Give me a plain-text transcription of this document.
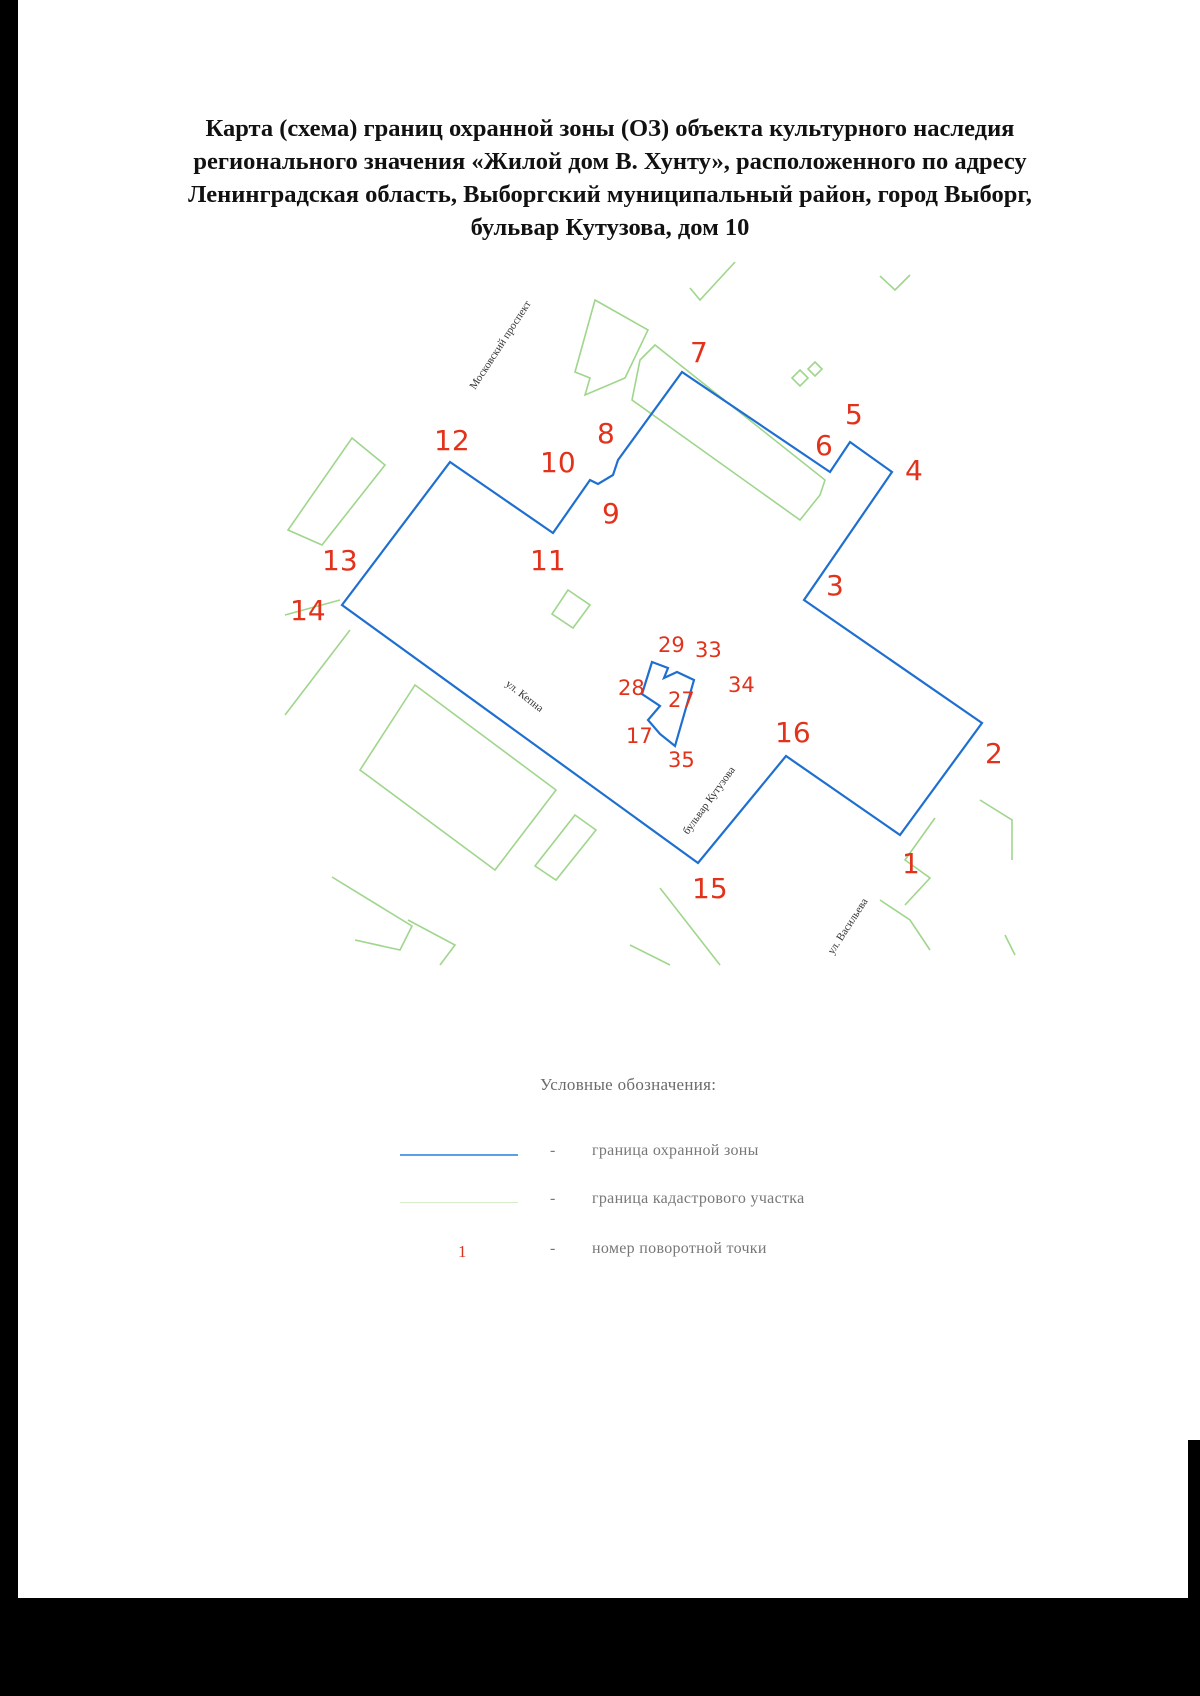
Карта (схема) границ охранной зоны (ОЗ) объекта культурного наследия
регионального значения «Жилой дом В. Хунту», расположенного по адресу
Ленинградская область, Выборгский муниципальный район, город Выборг,
бульвар Кутузова, дом 10
1
2
3
4
5
6
7
8
9
10
11
12
13
14
15
16
17
27
28
29 33
34
35
Московский проспект
ул. Кепна
бульвар Кутузова
ул. Васильева
Условные обозначения:
- граница охранной зоны
- граница кадастрового участка
1	- номер поворотной точки
